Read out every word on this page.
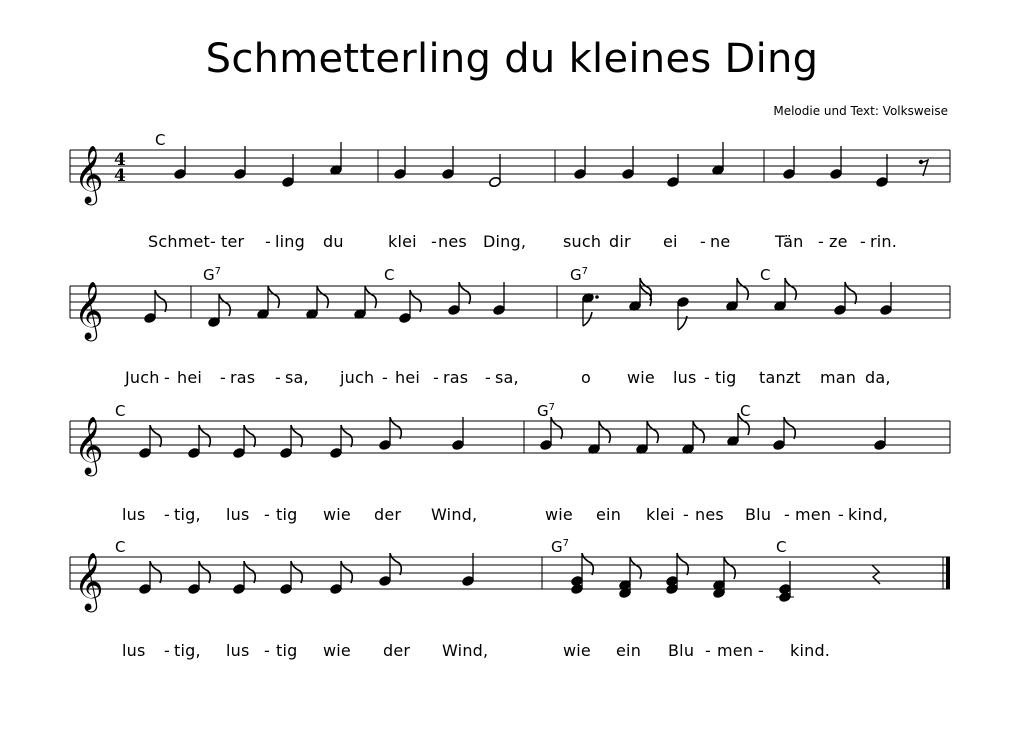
Schmetterling du kleines Ding
Melodie und Text: Volksweise
𝄞 4
4
𝄞
𝄞
𝄞
C
Schmet - ter - ling du	klei - nes Ding, such dir ei - ne	Tän - ze - rin.
$G^7$	C	$G^7$	C
Juch - hei - ras - sa, juch - hei - ras - sa,	o wie lus - tig tanzt man da,
C	$G^7$	C
lus - tig, lus - tig wie der Wind,	wie ein klei - nes Blu - men - kind,
C	$G^7$	C
lus - tig, lus - tig wie der Wind,	wie ein Blu - men - kind.
